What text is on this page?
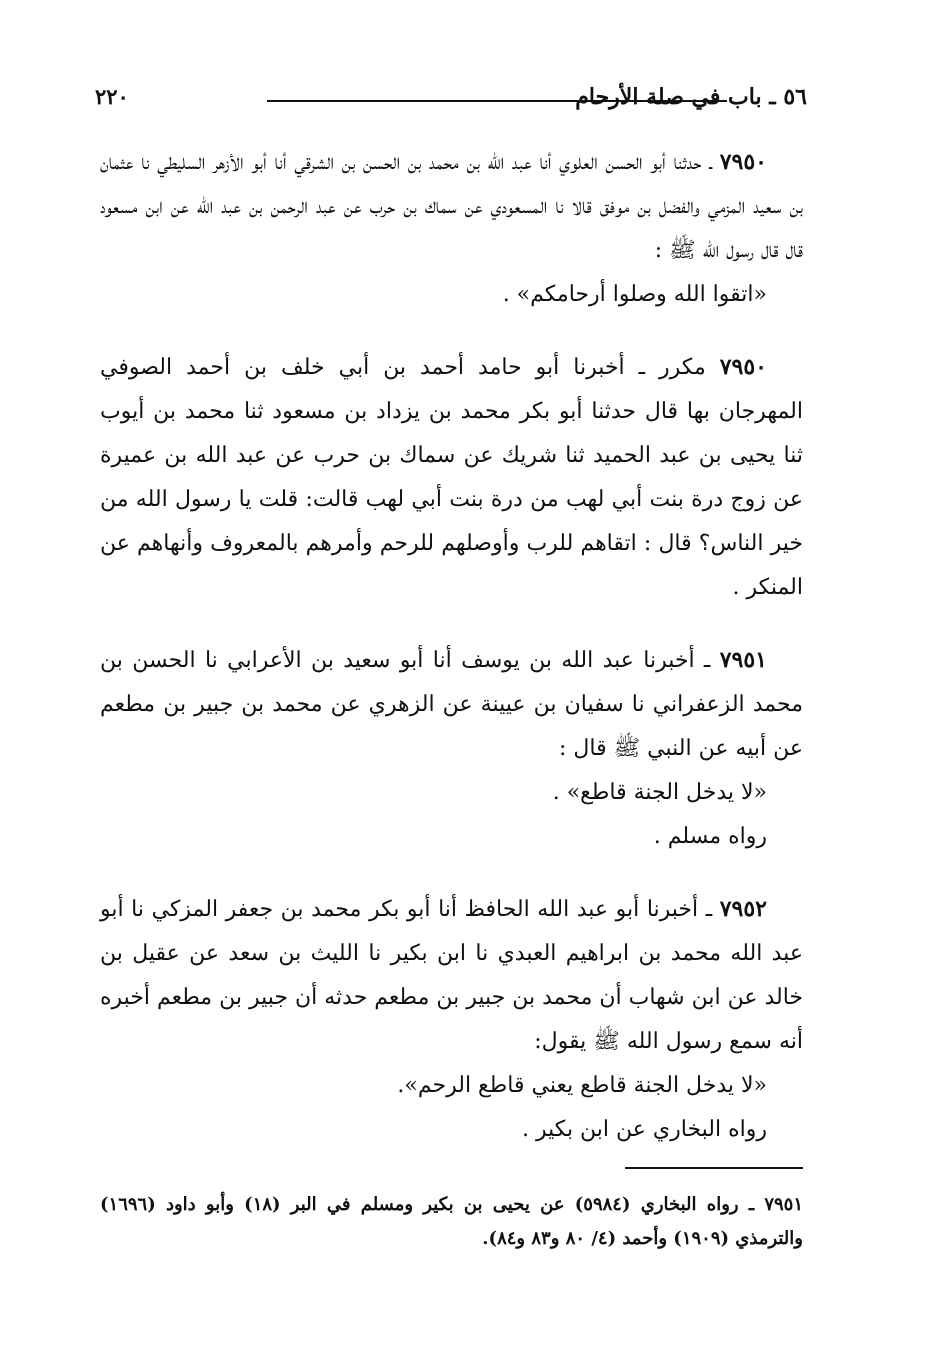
٥٦ ـ باب في صلة الأرحام
٢٢٠

٧٩٥٠ ـ حدثنا أبو الحسن العلوي أنا عبد الله بن محمد بن الحسن بن الشرقي أنا أبو الأزهر السليطي نا عثمان بن سعيد المزمي والفضل بن موفق قالا نا المسعودي عن سماك بن حرب عن عبد الرحمن بن عبد الله عن ابن مسعود قال قال رسول الله ﷺ :

«اتقوا الله وصلوا أرحامكم» .

٧٩٥٠ مكرر ـ أخبرنا أبو حامد أحمد بن أبي خلف بن أحمد الصوفي المهرجان بها قال حدثنا أبو بكر محمد بن يزداد بن مسعود ثنا محمد بن أيوب ثنا يحيى بن عبد الحميد ثنا شريك عن سماك بن حرب عن عبد الله بن عميرة عن زوج درة بنت أبي لهب من درة بنت أبي لهب قالت: قلت يا رسول الله من خير الناس؟ قال : اتقاهم للرب وأوصلهم للرحم وأمرهم بالمعروف وأنهاهم عن المنكر .

٧٩٥١ ـ أخبرنا عبد الله بن يوسف أنا أبو سعيد بن الأعرابي نا الحسن بن محمد الزعفراني نا سفيان بن عيينة عن الزهري عن محمد بن جبير بن مطعم عن أبيه عن النبي ﷺ قال :

«لا يدخل الجنة قاطع» .

رواه مسلم .

٧٩٥٢ ـ أخبرنا أبو عبد الله الحافظ أنا أبو بكر محمد بن جعفر المزكي نا أبو عبد الله محمد بن ابراهيم العبدي نا ابن بكير نا الليث بن سعد عن عقيل بن خالد عن ابن شهاب أن محمد بن جبير بن مطعم حدثه أن جبير بن مطعم أخبره أنه سمع رسول الله ﷺ يقول:

«لا يدخل الجنة قاطع يعني قاطع الرحم».

رواه البخاري عن ابن بكير .

٧٩٥١ ـ رواه البخاري (٥٩٨٤) عن يحيى بن بكير ومسلم في البر (١٨) وأبو داود (١٦٩٦) والترمذي (١٩٠٩) وأحمد (٤/ ٨٠ و٨٣ و٨٤).
